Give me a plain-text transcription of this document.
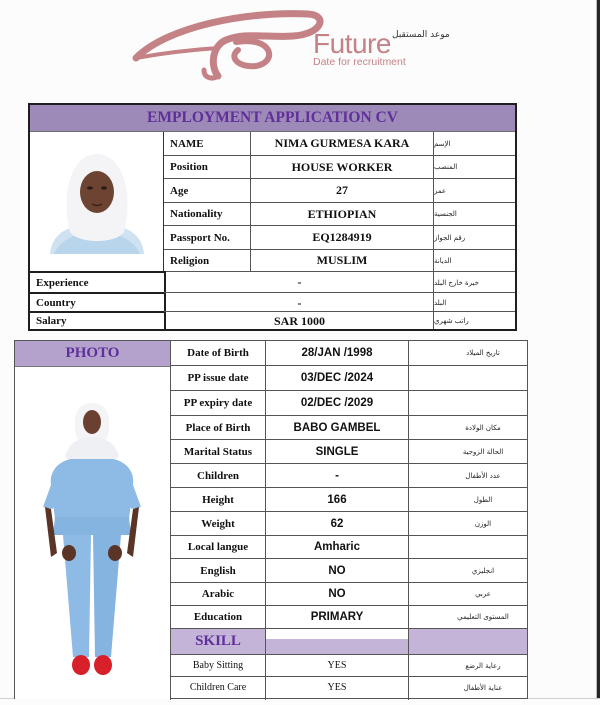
موعد المستقبل
Future
Date for recruitment
EMPLOYMENT APPLICATION CV
NAME	NIMA GURMESA KARA	الإسم
Position	HOUSE WORKER	المنصب
Age	27	عمر
Nationality	ETHIOPIAN	الجنسية
Passport No.	EQ1284919	رقم الجواز
Religion	MUSLIM	الديانة
Experience	-	خبرة خارج البلد
Country	-	البلد
Salary	SAR 1000	راتب شهري
PHOTO	Date of Birth	28/JAN /1998	تاريخ الميلاد
PP issue date	03/DEC /2024
PP expiry date	02/DEC /2029
Place of Birth	BABO GAMBEL	مكان الولادة
Marital Status	SINGLE	الحالة الزوجية
Children	-	عدد الأطفال
Height	166	الطول
Weight	62	الوزن
Local langue	Amharic
English	NO	انجليزي
Arabic	NO	عربي
Education	PRIMARY	المستوى التعليمي
SKILL
Baby Sitting	YES	رعاية الرضع
Children Care	YES	عناية الأطفال
